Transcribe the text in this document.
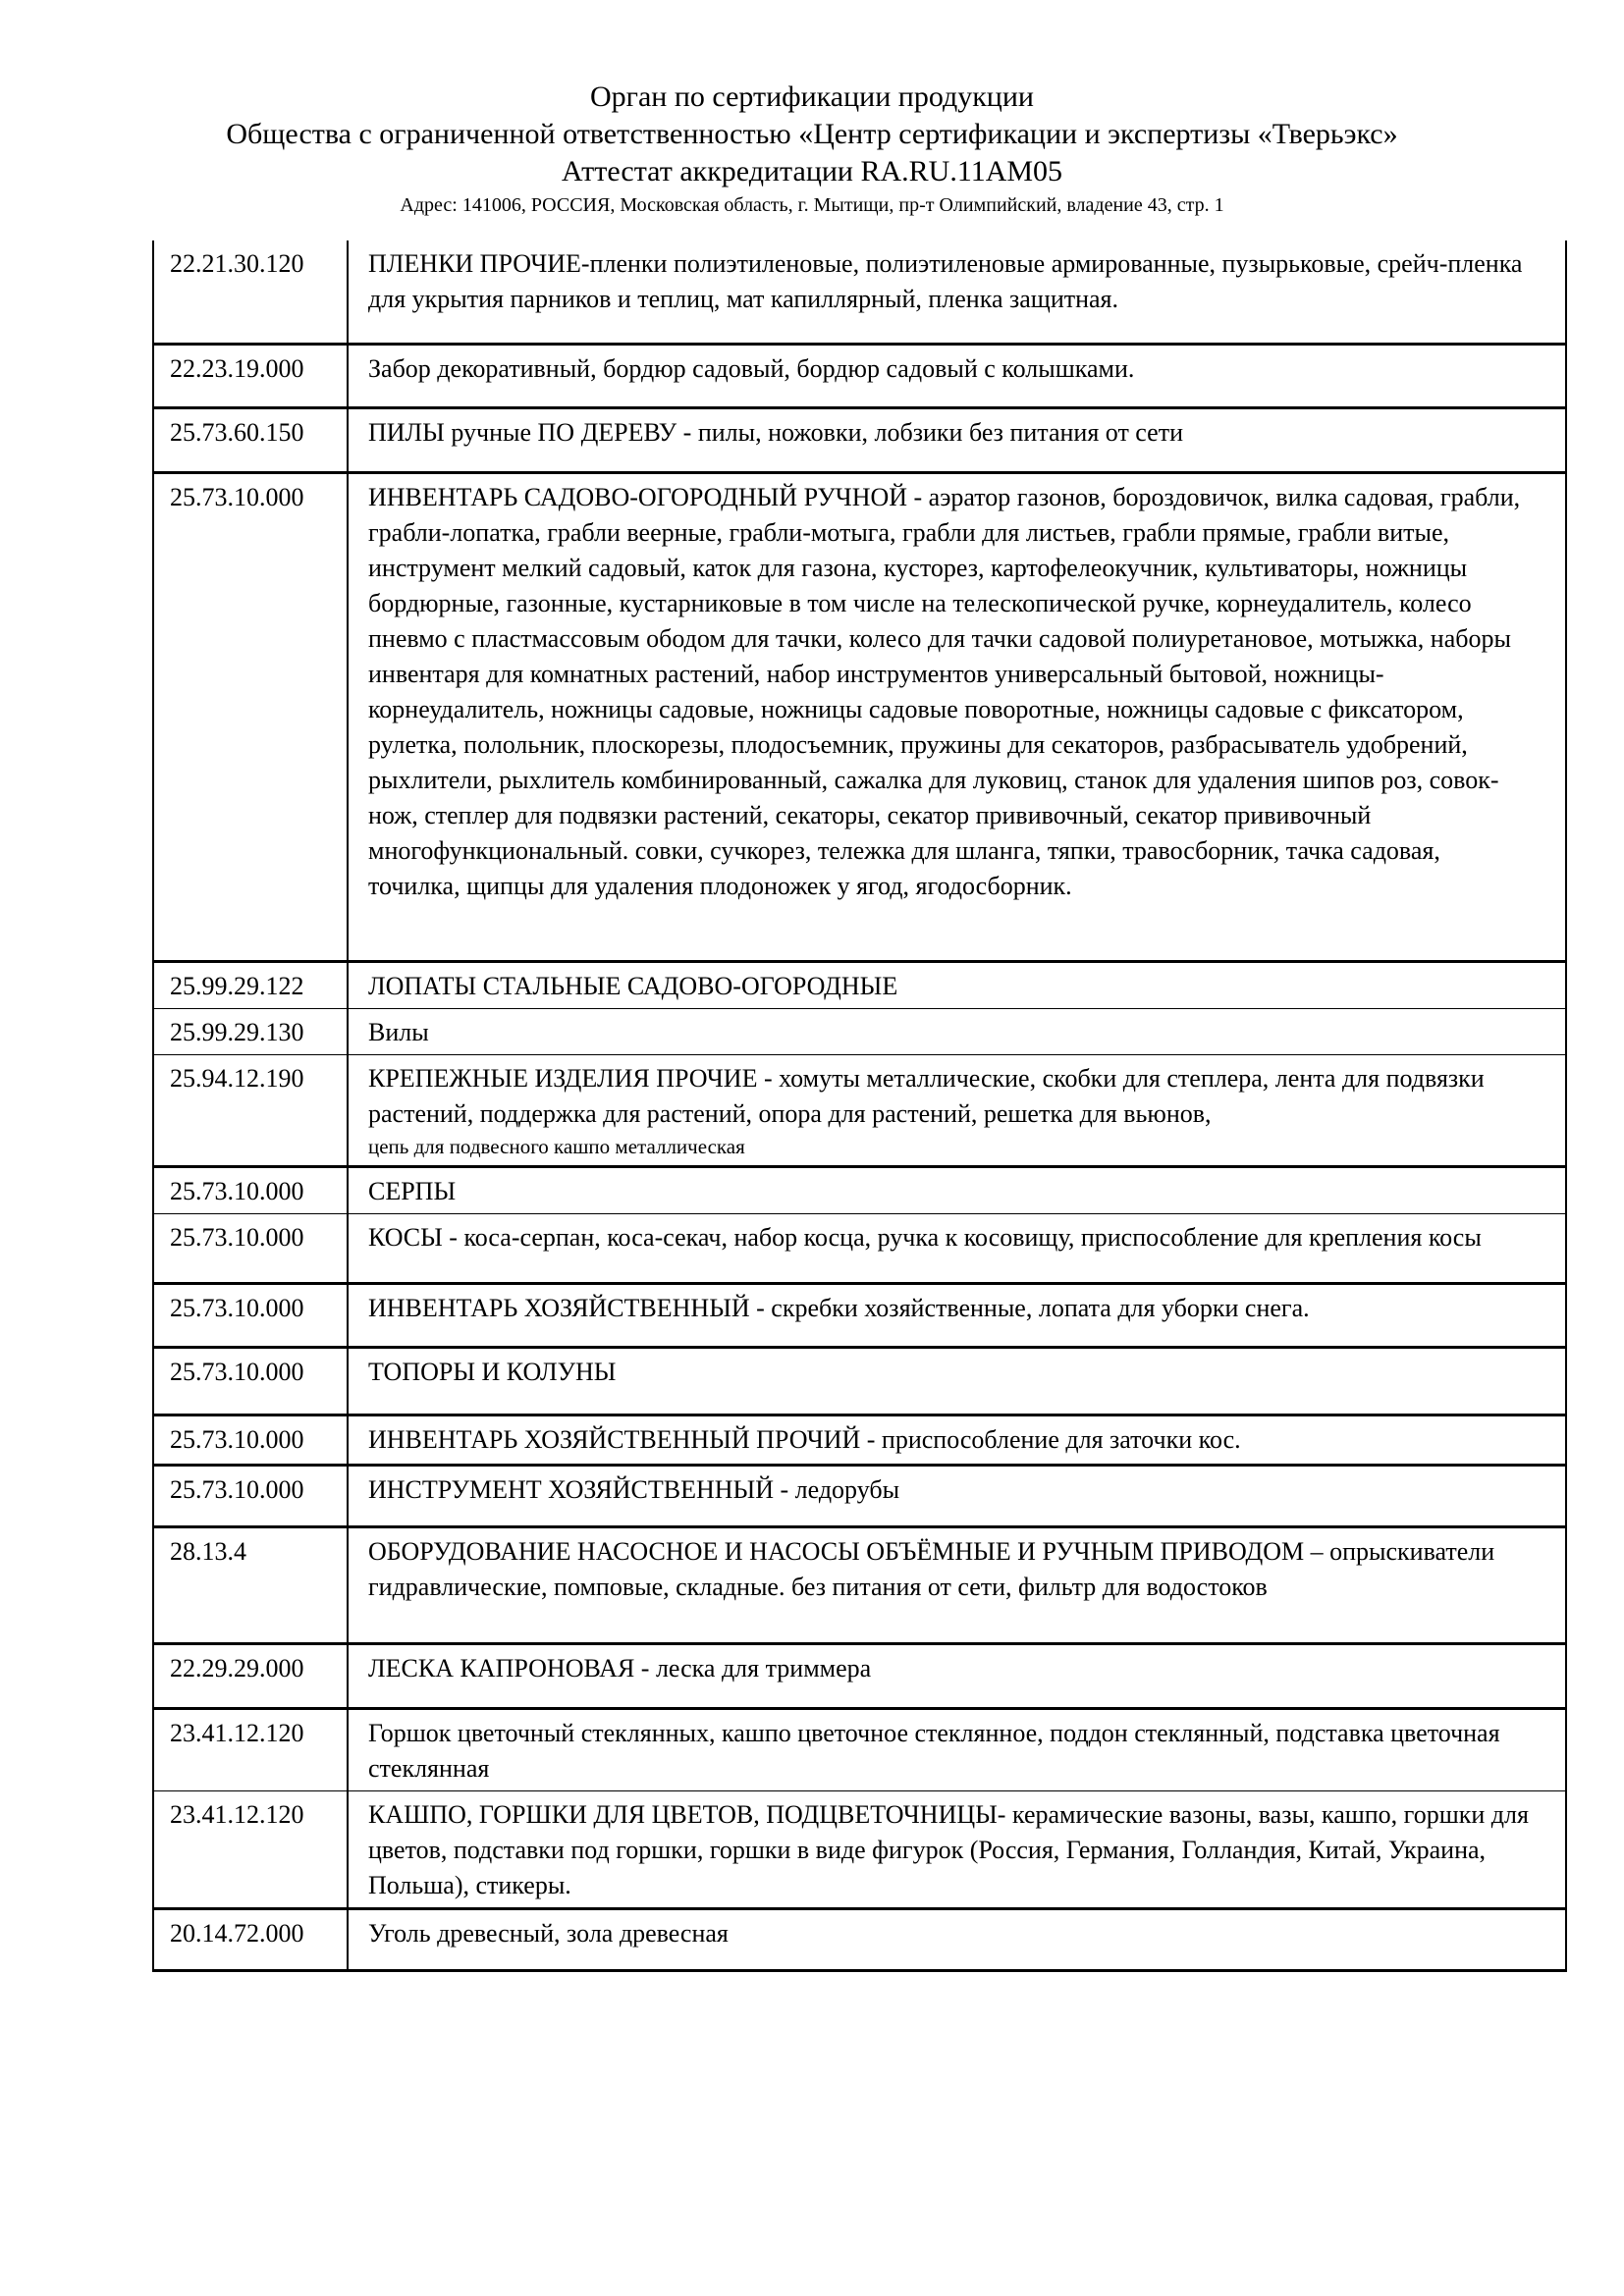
Орган по сертификации продукции
Общества с ограниченной ответственностью «Центр сертификации и экспертизы «Тверьэкс»
Аттестат аккредитации RA.RU.11АМ05
Адрес: 141006, РОССИЯ, Московская область, г. Мытищи, пр-т Олимпийский, владение 43, стр. 1
22.21.30.120	ПЛЕНКИ ПРОЧИЕ-пленки полиэтиленовые, полиэтиленовые армированные, пузырьковые, срейч-пленка для укрытия парников и теплиц, мат капиллярный, пленка защитная.
22.23.19.000	Забор декоративный, бордюр садовый, бордюр садовый с колышками.
25.73.60.150	ПИЛЫ ручные ПО ДЕРЕВУ - пилы, ножовки, лобзики без питания от сети
25.73.10.000	ИНВЕНТАРЬ САДОВО-ОГОРОДНЫЙ РУЧНОЙ - аэратор газонов, бороздовичок, вилка садовая, грабли, грабли-лопатка, грабли веерные, грабли-мотыга, грабли для листьев, грабли прямые, грабли витые, инструмент мелкий садовый, каток для газона, кусторез, картофелеокучник, культиваторы, ножницы бордюрные, газонные, кустарниковые в том числе на телескопической ручке, корнеудалитель, колесо пневмо с пластмассовым ободом для тачки, колесо для тачки садовой полиуретановое, мотыжка, наборы инвентаря для комнатных растений, набор инструментов универсальный бытовой, ножницы-корнеудалитель, ножницы садовые, ножницы садовые поворотные, ножницы садовые с фиксатором, рулетка, полольник, плоскорезы, плодосъемник, пружины для секаторов, разбрасыватель удобрений, рыхлители, рыхлитель комбинированный, сажалка для луковиц, станок для удаления шипов роз, совок-нож, степлер для подвязки растений, секаторы, секатор прививочный, секатор прививочный многофункциональный. совки, сучкорез, тележка для шланга, тяпки, травосборник, тачка садовая, точилка, щипцы для удаления плодоножек у ягод, ягодосборник.
25.99.29.122	ЛОПАТЫ СТАЛЬНЫЕ САДОВО-ОГОРОДНЫЕ
25.99.29.130	Вилы
25.94.12.190	КРЕПЕЖНЫЕ ИЗДЕЛИЯ ПРОЧИЕ - хомуты металлические, скобки для степлера, лента для подвязки растений, поддержка для растений, опора для растений, решетка для вьюнов,
цепь для подвесного кашпо металлическая
25.73.10.000	СЕРПЫ
25.73.10.000	КОСЫ - коса-серпан, коса-секач, набор косца, ручка к косовищу, приспособление для крепления косы
25.73.10.000	ИНВЕНТАРЬ ХОЗЯЙСТВЕННЫЙ - скребки хозяйственные, лопата для уборки снега.
25.73.10.000	ТОПОРЫ И КОЛУНЫ
25.73.10.000	ИНВЕНТАРЬ ХОЗЯЙСТВЕННЫЙ ПРОЧИЙ - приспособление для заточки кос.
25.73.10.000	ИНСТРУМЕНТ ХОЗЯЙСТВЕННЫЙ - ледорубы
28.13.4	ОБОРУДОВАНИЕ НАСОСНОЕ И НАСОСЫ ОБЪЁМНЫЕ И РУЧНЫМ ПРИВОДОМ – опрыскиватели гидравлические, помповые, складные. без питания от сети, фильтр для водостоков
22.29.29.000	ЛЕСКА КАПРОНОВАЯ - леска для триммера
23.41.12.120	Горшок цветочный стеклянных, кашпо цветочное стеклянное, поддон стеклянный, подставка цветочная стеклянная
23.41.12.120	КАШПО, ГОРШКИ ДЛЯ ЦВЕТОВ, ПОДЦВЕТОЧНИЦЫ- керамические вазоны, вазы, кашпо, горшки для цветов, подставки под горшки, горшки в виде фигурок (Россия, Германия, Голландия, Китай, Украина, Польша), стикеры.
20.14.72.000	Уголь древесный, зола древесная
